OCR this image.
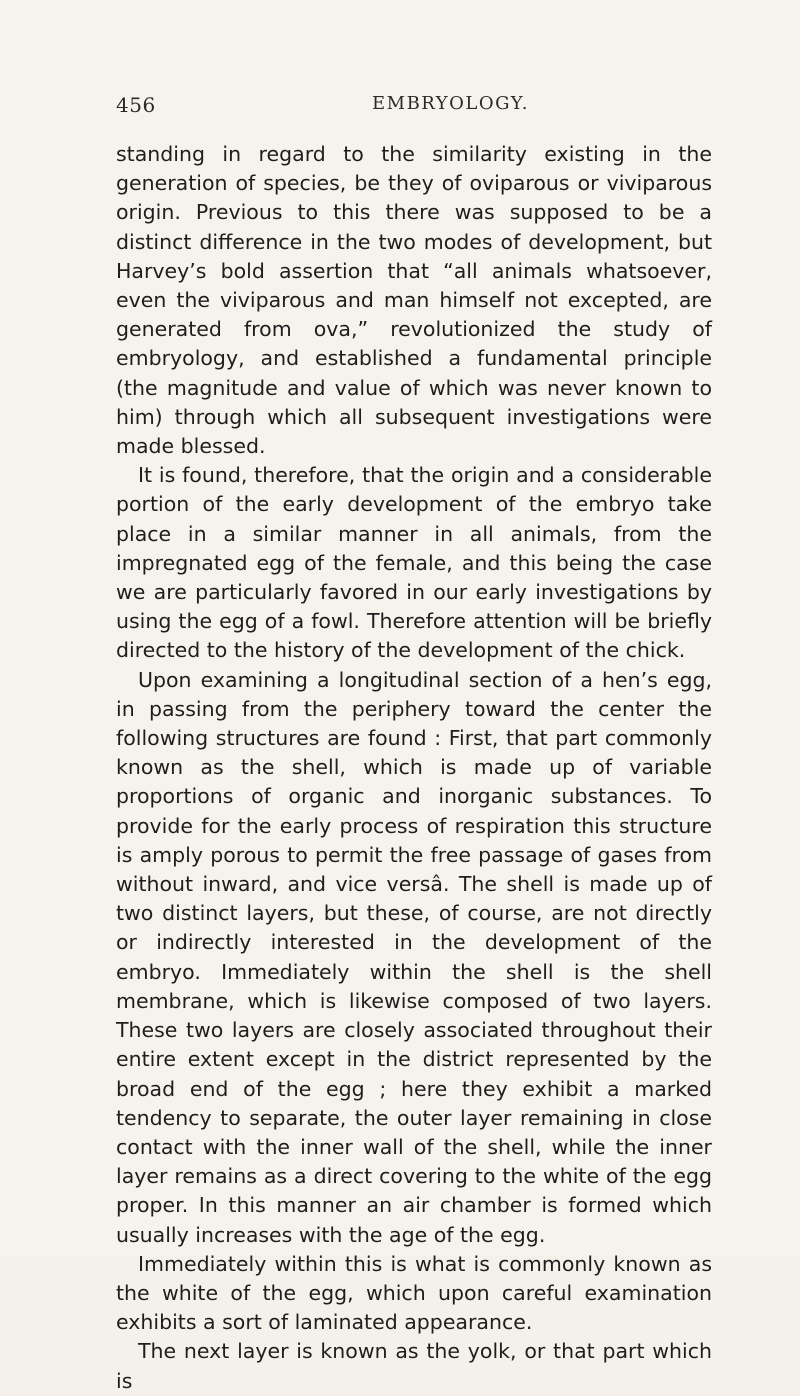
456	EMBRYOLOGY.

standing in regard to the similarity existing in the generation of species, be they of oviparous or viviparous origin. Previous to this there was supposed to be a distinct difference in the two modes of development, but Harvey’s bold assertion that “all animals whatsoever, even the viviparous and man himself not excepted, are generated from ova,” revolutionized the study of embryology, and established a fundamental principle (the magnitude and value of which was never known to him) through which all subsequent investigations were made blessed.

It is found, therefore, that the origin and a considerable portion of the early development of the embryo take place in a similar manner in all animals, from the impregnated egg of the female, and this being the case we are particularly favored in our early investigations by using the egg of a fowl. Therefore attention will be briefly directed to the history of the development of the chick.

Upon examining a longitudinal section of a hen’s egg, in passing from the periphery toward the center the following structures are found : First, that part commonly known as the shell, which is made up of variable proportions of organic and inorganic substances. To provide for the early process of respiration this structure is amply porous to permit the free passage of gases from without inward, and vice versâ. The shell is made up of two distinct layers, but these, of course, are not directly or indirectly interested in the development of the embryo. Immediately within the shell is the shell membrane, which is likewise composed of two layers. These two layers are closely associated throughout their entire extent except in the district represented by the broad end of the egg ; here they exhibit a marked tendency to separate, the outer layer remaining in close contact with the inner wall of the shell, while the inner layer remains as a direct covering to the white of the egg proper. In this manner an air chamber is formed which usually increases with the age of the egg.

Immediately within this is what is commonly known as the white of the egg, which upon careful examination exhibits a sort of laminated appearance.

The next layer is known as the yolk, or that part which is
